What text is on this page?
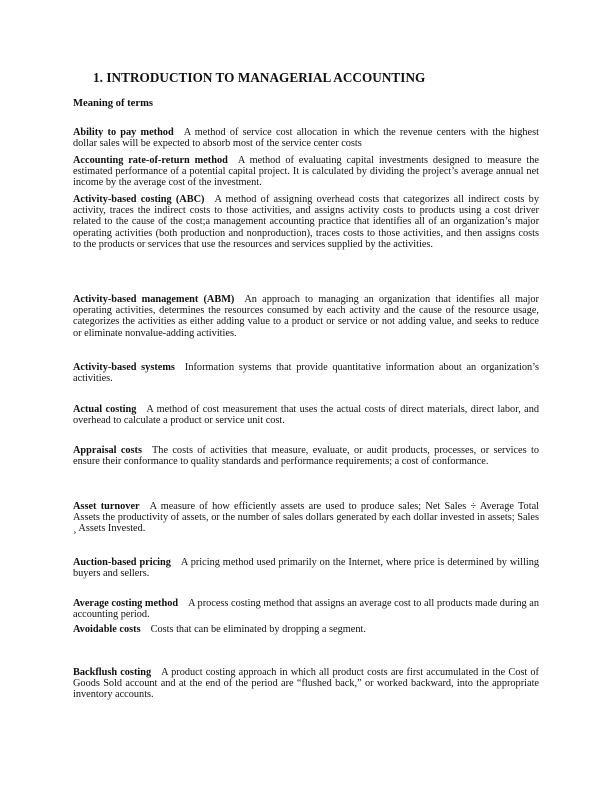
1. INTRODUCTION TO MANAGERIAL ACCOUNTING
Meaning of terms

Ability to pay method A method of service cost allocation in which the revenue centers with the highest dollar sales will be expected to absorb most of the service center costs

Accounting rate-of-return method A method of evaluating capital investments designed to measure the estimated performance of a potential capital project. It is calculated by dividing the project’s average annual net income by the average cost of the investment.

Activity-based costing (ABC) A method of assigning overhead costs that categorizes all indirect costs by activity, traces the indirect costs to those activities, and assigns activity costs to products using a cost driver related to the cause of the cost;a management accounting practice that identifies all of an organization’s major operating activities (both production and nonproduction), traces costs to those activities, and then assigns costs to the products or services that use the resources and services supplied by the activities.

Activity-based management (ABM) An approach to managing an organization that identifies all major operating activities, determines the resources consumed by each activity and the cause of the resource usage, categorizes the activities as either adding value to a product or service or not adding value, and seeks to reduce or eliminate nonvalue-adding activities.

Activity-based systems Information systems that provide quantitative information about an organization’s activities.

Actual costing A method of cost measurement that uses the actual costs of direct materials, direct labor, and overhead to calculate a product or service unit cost.

Appraisal costs The costs of activities that measure, evaluate, or audit products, processes, or services to ensure their conformance to quality standards and performance requirements; a cost of conformance.

Asset turnover A measure of how efficiently assets are used to produce sales; Net Sales ÷ Average Total Assets the productivity of assets, or the number of sales dollars generated by each dollar invested in assets; Sales ¸ Assets Invested.

Auction-based pricing A pricing method used primarily on the Internet, where price is determined by willing buyers and sellers.

Average costing method A process costing method that assigns an average cost to all products made during an accounting period.

Avoidable costs Costs that can be eliminated by dropping a segment.

Backflush costing A product costing approach in which all product costs are first accumulated in the Cost of Goods Sold account and at the end of the period are “flushed back,” or worked backward, into the appropriate inventory accounts.
